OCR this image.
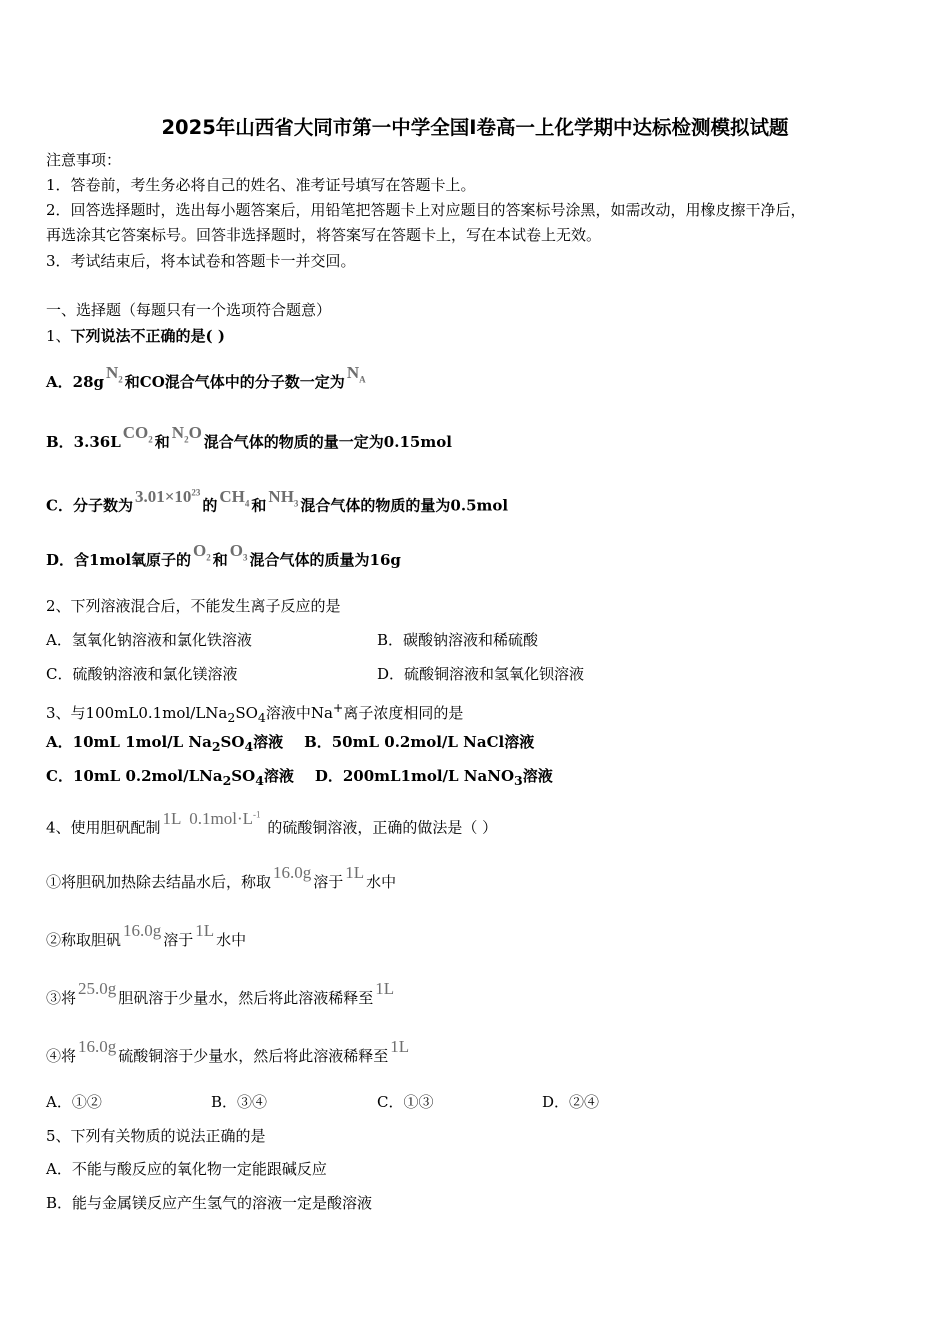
2025年山西省大同市第一中学全国Ⅰ卷高一上化学期中达标检测模拟试题
注意事项：
1．答卷前，考生务必将自己的姓名、准考证号填写在答题卡上。
2．回答选择题时，选出每小题答案后，用铅笔把答题卡上对应题目的答案标号涂黑，如需改动，用橡皮擦干净后，
再选涂其它答案标号。回答非选择题时，将答案写在答题卡上，写在本试卷上无效。
3．考试结束后，将本试卷和答题卡一并交回。
一、选择题（每题只有一个选项符合题意）
1、下列说法不正确的是( )
A．28g $N_2$ 和CO混合气体中的分子数一定为 $N_A$
B．3.36L $CO_2$ 和 $N_2O$ 混合气体的物质的量一定为0.15mol
C．分子数为 $3.01\times 10^{23}$的 $CH_4$ 和 $NH_3$ 混合气体的物质的量为0.5mol
D．含1mol氧原子的 $O_2$ 和 $O_3$ 混合气体的质量为16g
2、下列溶液混合后，不能发生离子反应的是
A．氢氧化钠溶液和氯化铁溶液	B．碳酸钠溶液和稀硫酸
C．硫酸钠溶液和氯化镁溶液	D．硫酸铜溶液和氢氧化钡溶液
3、与$100mL0.1mol/LNa_2SO_4$溶液中Na+离子浓度相同的是
A．10mL 1mol/L $Na_2SO_4$溶液 B．50mL 0.2mol/L NaCl溶液
C．10mL $0.2mol/LNa_2SO_4$溶液 D．200mL1mol/L NaNO$_3$溶液
4、使用胆矾配制 1L  $0.1mol\cdot L^{-1}$ 的硫酸铜溶液，正确的做法是（ ）
①将胆矾加热除去结晶水后，称取 16.0g 溶于 1L 水中
②称取胆矾 16.0g 溶于 1L 水中
③将 25.0g 胆矾溶于少量水，然后将此溶液稀释至 1L
④将 16.0g 硫酸铜溶于少量水，然后将此溶液稀释至 1L
A．①②	B．③④	C．①③	D．②④
5、下列有关物质的说法正确的是
A．不能与酸反应的氧化物一定能跟碱反应
B．能与金属镁反应产生氢气的溶液一定是酸溶液
